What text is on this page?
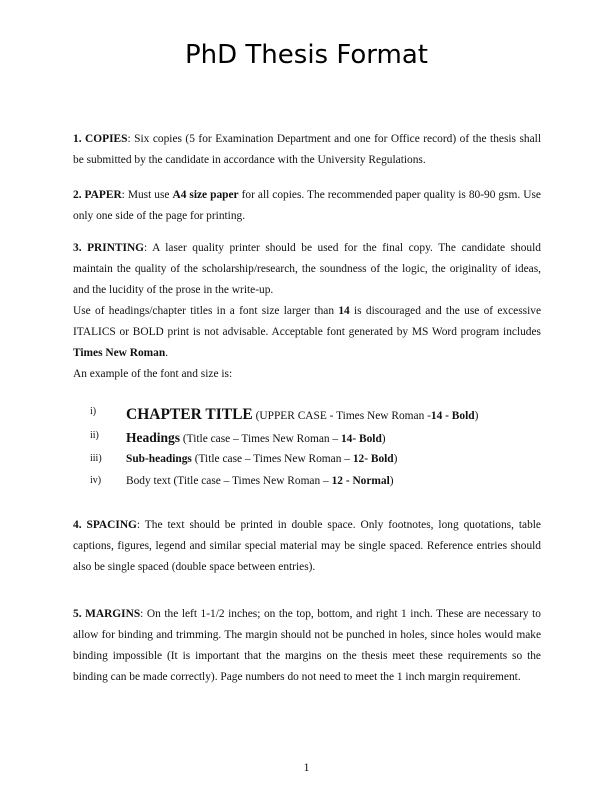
PhD Thesis Format
1. COPIES: Six copies (5 for Examination Department and one for Office record) of the thesis shall be submitted by the candidate in accordance with the University Regulations.
2. PAPER: Must use A4 size paper for all copies. The recommended paper quality is 80-90 gsm. Use only one side of the page for printing.
3. PRINTING: A laser quality printer should be used for the final copy. The candidate should maintain the quality of the scholarship/research, the soundness of the logic, the originality of ideas, and the lucidity of the prose in the write-up.
Use of headings/chapter titles in a font size larger than 14 is discouraged and the use of excessive ITALICS or BOLD print is not advisable. Acceptable font generated by MS Word program includes Times New Roman.
An example of the font and size is:
i) CHAPTER TITLE (UPPER CASE - Times New Roman -14 - Bold)
ii) Headings (Title case – Times New Roman – 14- Bold)
iii) Sub-headings (Title case – Times New Roman – 12- Bold)
iv) Body text (Title case – Times New Roman – 12 - Normal)
4. SPACING: The text should be printed in double space. Only footnotes, long quotations, table captions, figures, legend and similar special material may be single spaced. Reference entries should also be single spaced (double space between entries).
5. MARGINS: On the left 1-1/2 inches; on the top, bottom, and right 1 inch. These are necessary to allow for binding and trimming. The margin should not be punched in holes, since holes would make binding impossible (It is important that the margins on the thesis meet these requirements so the binding can be made correctly). Page numbers do not need to meet the 1 inch margin requirement.
1
